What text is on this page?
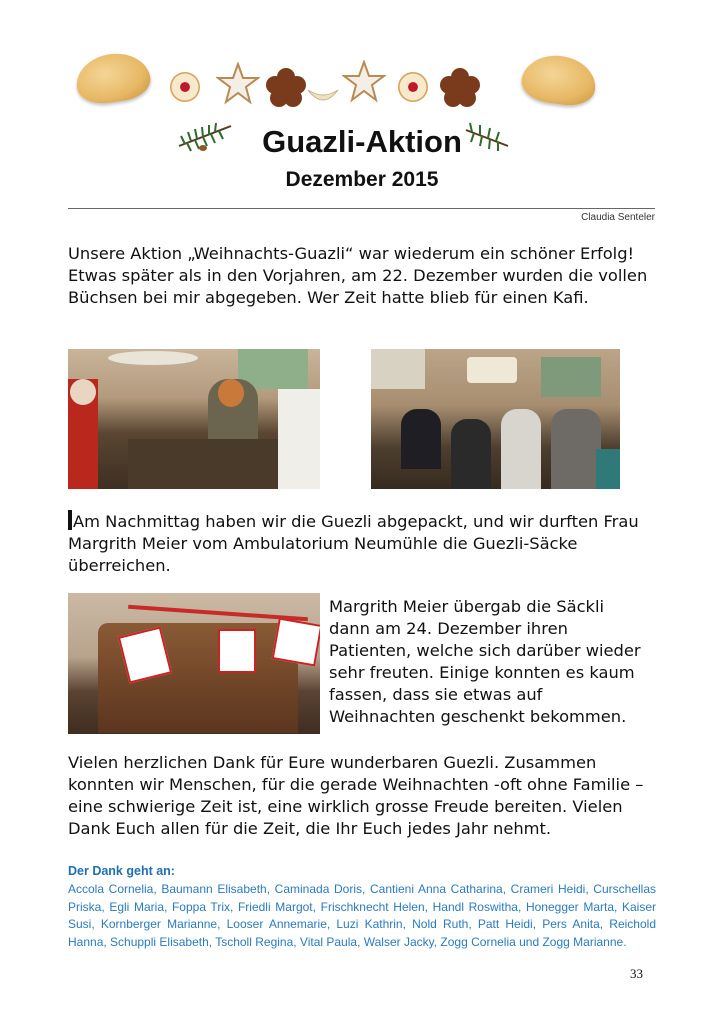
Guazli-Aktion
Dezember 2015
Claudia Senteler
Unsere Aktion „Weihnachts-Guazli“ war wiederum ein schöner Erfolg! Etwas später als in den Vorjahren, am 22. Dezember wurden die vollen Büchsen bei mir abgegeben. Wer Zeit hatte blieb für einen Kafi.
Am Nachmittag haben wir die Guezli abgepackt, und wir durften Frau Margrith Meier vom Ambulatorium Neumühle die Guezli-Säcke überreichen.
Margrith Meier übergab die Säckli dann am 24. Dezember ihren Patienten, welche sich darüber wieder sehr freuten. Einige konnten es kaum fassen, dass sie etwas auf Weihnachten geschenkt bekommen.
Vielen herzlichen Dank für Eure wunderbaren Guezli. Zusammen konnten wir Menschen, für die gerade Weihnachten -oft ohne Familie – eine schwierige Zeit ist, eine wirklich grosse Freude bereiten. Vielen Dank Euch allen für die Zeit, die Ihr Euch jedes Jahr nehmt.
Der Dank geht an:
Accola Cornelia, Baumann Elisabeth, Caminada Doris, Cantieni Anna Catharina, Crameri Heidi, Curschellas Priska, Egli Maria, Foppa Trix, Friedli Margot, Frischknecht Helen, Handl Roswitha, Honegger Marta, Kaiser Susi, Kornberger Marianne, Looser Annemarie, Luzi Kathrin, Nold Ruth, Patt Heidi, Pers Anita, Reichold Hanna, Schuppli Elisabeth, Tscholl Regina, Vital Paula, Walser Jacky, Zogg Cornelia und Zogg Marianne.
33
